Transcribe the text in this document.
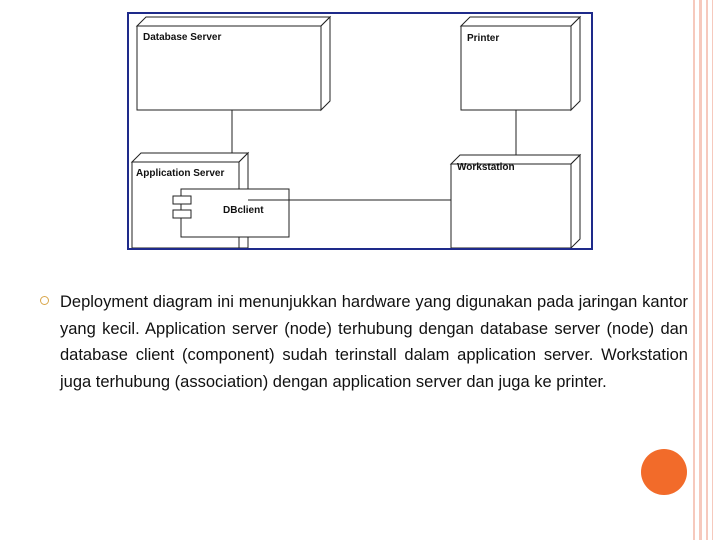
Database Server	Printer
Application Server
DBclient
Workstation
Deployment diagram ini menunjukkan hardware yang digunakan pada jaringan kantor yang kecil. Application server (node) terhubung dengan database server (node) dan database client (component) sudah terinstall dalam application server. Workstation juga terhubung (association) dengan application server dan juga ke printer.
